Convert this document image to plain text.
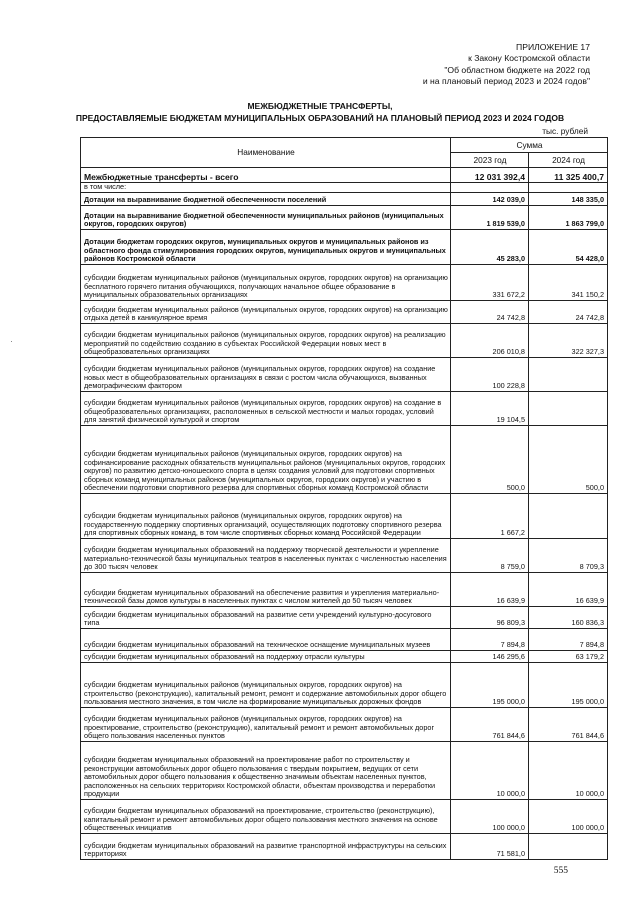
ПРИЛОЖЕНИЕ 17
к Закону Костромской области
"Об областном бюджете на 2022 год
и на плановый период 2023 и 2024 годов"
МЕЖБЮДЖЕТНЫЕ ТРАНСФЕРТЫ,
ПРЕДОСТАВЛЯЕМЫЕ БЮДЖЕТАМ МУНИЦИПАЛЬНЫХ ОБРАЗОВАНИЙ НА ПЛАНОВЫЙ ПЕРИОД 2023 И 2024 ГОДОВ
тыс. рублей
·
Наименование	Сумма	
	2023 год	2024 год
Межбюджетные трансферты - всего	12 031 392,4	11 325 400,7
в том числе:		
Дотации на выравнивание бюджетной обеспеченности поселений	142 039,0	148 335,0
Дотации на выравнивание бюджетной обеспеченности муниципальных районов (муниципальных округов, городских округов)	1 819 539,0	1 863 799,0
Дотации бюджетам городских округов, муниципальных округов и муниципальных районов из областного фонда стимулирования городских округов, муниципальных округов и муниципальных районов Костромской области	45 283,0	54 428,0
субсидии бюджетам муниципальных районов (муниципальных округов, городских округов) на организацию бесплатного горячего питания обучающихся, получающих начальное общее образование в муниципальных образовательных организациях	331 672,2	341 150,2
субсидии бюджетам муниципальных районов (муниципальных округов, городских округов) на организацию отдыха детей в каникулярное время	24 742,8	24 742,8
субсидии бюджетам муниципальных районов (муниципальных округов, городских округов) на реализацию мероприятий по содействию созданию в субъектах Российской Федерации новых мест в общеобразовательных организациях	206 010,8	322 327,3
субсидии бюджетам муниципальных районов (муниципальных округов, городских округов) на создание новых мест в общеобразовательных организациях в связи с ростом числа обучающихся, вызванных демографическим фактором	100 228,8	
субсидии бюджетам муниципальных районов (муниципальных округов, городских округов) на создание в общеобразовательных организациях, расположенных в сельской местности и малых городах, условий для занятий физической культурой и спортом	19 104,5	
субсидии бюджетам муниципальных районов (муниципальных округов, городских округов) на софинансирование расходных обязательств муниципальных районов (муниципальных округов, городских округов) по развитию детско-юношеского спорта в целях создания условий для подготовки спортивных сборных команд муниципальных районов (муниципальных округов, городских округов) и участию в обеспечении подготовки спортивного резерва для спортивных сборных команд Костромской области	500,0	500,0
субсидии бюджетам муниципальных районов (муниципальных округов, городских округов) на государственную поддержку спортивных организаций, осуществляющих подготовку спортивного резерва для спортивных сборных команд, в том числе спортивных сборных команд Российской Федерации	1 667,2	
субсидии бюджетам муниципальных образований на поддержку творческой деятельности и укрепление материально-технической базы муниципальных театров в населенных пунктах с численностью населения до 300 тысяч человек	8 759,0	8 709,3
субсидии бюджетам муниципальных образований на обеспечение развития и укрепления материально-технической базы домов культуры в населенных пунктах с числом жителей до 50 тысяч человек	16 639,9	16 639,9
субсидии бюджетам муниципальных образований на развитие сети учреждений культурно-досугового типа	96 809,3	160 836,3
субсидии бюджетам муниципальных образований на техническое оснащение муниципальных музеев	7 894,8	7 894,8
субсидии бюджетам муниципальных образований на поддержку отрасли культуры	146 295,6	63 179,2
субсидии бюджетам муниципальных районов (муниципальных округов, городских округов) на строительство (реконструкцию), капитальный ремонт, ремонт и содержание автомобильных дорог общего пользования местного значения, в том числе на формирование муниципальных дорожных фондов	195 000,0	195 000,0
субсидии бюджетам муниципальных районов (муниципальных округов, городских округов) на проектирование, строительство (реконструкцию), капитальный ремонт и ремонт автомобильных дорог общего пользования населенных пунктов	761 844,6	761 844,6
субсидии бюджетам муниципальных образований на проектирование работ по строительству и реконструкции автомобильных дорог общего пользования с твердым покрытием, ведущих от сети автомобильных дорог общего пользования к общественно значимым объектам населенных пунктов, расположенных на сельских территориях Костромской области, объектам производства и переработки продукции	10 000,0	10 000,0
субсидии бюджетам муниципальных образований на проектирование, строительство (реконструкцию), капитальный ремонт и ремонт автомобильных дорог общего пользования местного значения на основе общественных инициатив	100 000,0	100 000,0
субсидии бюджетам муниципальных образований на развитие транспортной инфраструктуры на сельских территориях	71 581,0	
555
